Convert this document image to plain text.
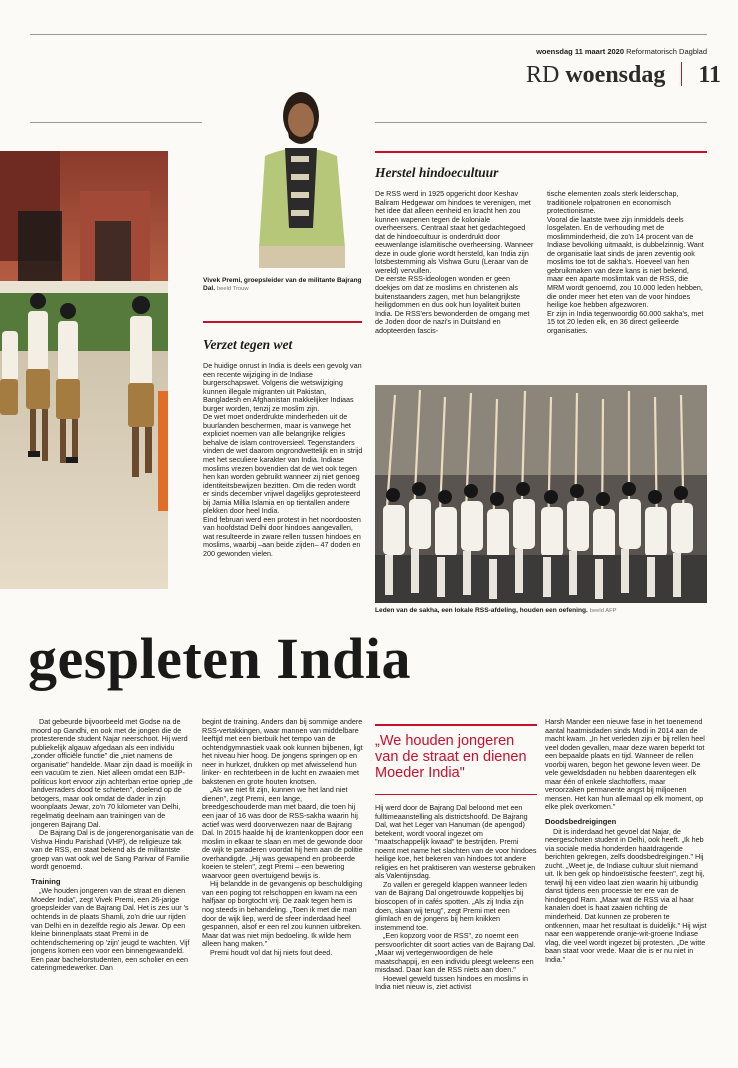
woensdag 11 maart 2020 Reformatorisch Dagblad
RD woensdag 11
Vivek Premi, groepsleider van de militante Bajrang Dal. beeld Trouw
Verzet tegen wet

De huidige onrust in India is deels een gevolg van een recente wijziging in de Indiase burgerschapswet. Volgens die wetswijziging kunnen illegale migranten uit Pakistan, Bangladesh en Afghanistan makkelijker Indiaas burger worden, tenzij ze moslim zijn.

De wet moet onderdrukte minderheden uit de buurlanden beschermen, maar is vanwege het expliciet noemen van alle belangrijke religies behalve de islam controversieel. Tegenstanders vinden de wet daarom ongrondwettelijk en in strijd met het seculiere karakter van India. Indiase moslims vrezen bovendien dat de wet ook tegen hen kan worden gebruikt wanneer zij niet genoeg identiteitsbewijzen bezitten. Om die reden wordt er sinds december vrijwel dagelijks geprotesteerd bij Jamia Millia Islamia en op tientallen andere plekken door heel India.

Eind februari werd een protest in het noordoosten van hoofdstad Delhi door hindoes aangevallen, wat resulteerde in zware rellen tussen hindoes en moslims, waarbij –aan beide zijden– 47 doden en 200 gewonden vielen.

Herstel hindoecultuur

De RSS werd in 1925 opgericht door Keshav Baliram Hedgewar om hindoes te verenigen, met het idee dat alleen eenheid en kracht hen zou kunnen wapenen tegen de koloniale overheersers. Centraal staat het gedachtegoed dat de hindoecultuur is onderdrukt door eeuwenlange islamitische overheersing. Wanneer deze in oude glorie wordt hersteld, kan India zijn lotsbestemming als Vishwa Guru (Leraar van de wereld) vervullen.

De eerste RSS-ideologen wonden er geen doekjes om dat ze moslims en christenen als buitenstaanders zagen, met hun belangrijkste heiligdommen en dus ook hun loyaliteit buiten India. De RSS'ers bewonderden de omgang met de Joden door de nazi's in Duitsland en adopteerden fascis-

tische elementen zoals sterk leiderschap, traditionele rolpatronen en economisch protectionisme.

Vooral die laatste twee zijn inmiddels deels losgelaten. En de verhouding met de moslimminderheid, die zo'n 14 procent van de Indiase bevolking uitmaakt, is dubbelzinnig. Want de organisatie laat sinds de jaren zeventig ook moslims toe tot de sakha's. Hoeveel van hen gebruikmaken van deze kans is niet bekend, maar een aparte moslimtak van de RSS, die MRM wordt genoemd, zou 10.000 leden hebben, die onder meer het eten van de voor hindoes heilige koe hebben afgezworen.

Er zijn in India tegenwoordig 60.000 sakha's, met 15 tot 20 leden elk, en 36 direct gelieerde organisaties.

Leden van de sakha, een lokale RSS-afdeling, houden een oefening. beeld AFP
gespleten India

Dat gebeurde bijvoorbeeld met Godse na de moord op Gandhi, en ook met de jongen die de protesterende student Najar neerschoot. Hij werd publiekelijk algauw afgedaan als een individu „zonder officiële functie" die „niet namens de organisatie" handelde. Maar zijn daad is moeilijk in een vacuüm te zien. Niet alleen omdat een BJP-politicus kort ervoor zijn achterban ertoe opriep „de landverraders dood te schieten", doelend op de betogers, maar ook omdat de dader in zijn woonplaats Jewar, zo'n 70 kilometer van Delhi, regelmatig deelnam aan trainingen van de jongeren Bajrang Dal.

De Bajrang Dal is de jongerenorganisatie van de Vishva Hindu Parishad (VHP), de religieuze tak van de RSS, en staat bekend als de militantste groep van wat ook wel de Sang Parivar of Familie wordt genoemd.

Training

„We houden jongeren van de straat en dienen Moeder India", zegt Vivek Premi, een 26-jarige groepsleider van de Bajrang Dal. Het is zes uur 's ochtends in de plaats Shamli, zo'n drie uur rijden van Delhi en in dezelfde regio als Jewar. Op een kleine binnenplaats staat Premi in de ochtendschemering op 'zijn' jeugd te wachten. Vijf jongens komen een voor een binnengewandeld. Een paar bachelorstudenten, een scholier en een cateringmedewerker. Dan

begint de training. Anders dan bij sommige andere RSS-vertakkingen, waar mannen van middelbare leeftijd met een bierbuik het tempo van de ochtendgymnastiek vaak ook kunnen bijbenen, ligt het niveau hier hoog. De jongens springen op en neer in hurkzet, drukken op met afwisselend hun linker- en rechterbeen in de lucht en zwaaien met bakstenen en grote houten knotsen.

„Als we niet fit zijn, kunnen we het land niet dienen", zegt Premi, een lange, breedgeschouderde man met baard, die toen hij een jaar of 16 was door de RSS-sakha waarin hij actief was werd doorverwezen naar de Bajrang Dal. In 2015 haalde hij de krantenkoppen door een moslim in elkaar te slaan en met de gewonde door de wijk te paraderen voordat hij hem aan de politie overhandigde. „Hij was gewapend en probeerde koeien te stelen", zegt Premi – een bewering waarvoor geen overtuigend bewijs is.

Hij belandde in de gevangenis op beschuldiging van een poging tot relschoppen en kwam na een halfjaar op borgtocht vrij. De zaak tegen hem is nog steeds in behandeling. „Toen ik met die man door de wijk liep, werd de sfeer inderdaad heel gespannen, alsof er een rel zou kunnen uitbreken. Maar dat was niet mijn bedoeling. Ik wilde hem alleen hang maken."

Premi houdt vol dat hij niets fout deed.

„We houden jongeren van de straat en dienen Moeder India"

Hij werd door de Bajrang Dal beloond met een fulltimeaanstelling als districtshoofd. De Bajrang Dal, wat het Leger van Hanuman (de apengod) betekent, wordt vooral ingezet om "maatschappelijk kwaad" te bestrijden. Premi noemt met name het slachten van de voor hindoes heilige koe, het bekeren van hindoes tot andere religies en het praktiseren van westerse gebruiken als Valentijnsdag.

Zo vallen er geregeld klappen wanneer leden van de Bajrang Dal ongetrouwde koppeltjes bij bioscopen of in cafés spotten. „Als zij India zijn doen, slaan wij terug", zegt Premi met een glimlach en de jongens bij hem knikken instemmend toe.

„Een kopzorg voor de RSS", zo noemt een persvoorlichter dit soort acties van de Bajrang Dal. „Maar wij vertegenwoordigen de hele maatschappij, en een individu pleegt weleens een misdaad. Daar kan de RSS niets aan doen."

Hoewel geweld tussen hindoes en moslims in India niet nieuw is, ziet activist

Harsh Mander een nieuwe fase in het toenemend aantal haatmisdaden sinds Modi in 2014 aan de macht kwam. „In het verleden zijn er bij rellen heel veel doden gevallen, maar deze waren beperkt tot een bepaalde plaats en tijd. Wanneer de rellen voorbij waren, begon het gewone leven weer. De vele geweldsdaden nu hebben daarentegen elk maar één of enkele slachtoffers, maar veroorzaken permanente angst bij miljoenen mensen. Het kan hun allemaal op elk moment, op elke plek overkomen."

Doodsbedreigingen

Dit is inderdaad het gevoel dat Najar, de neergeschoten student in Delhi, ook heeft. „Ik heb via sociale media honderden haatdragende berichten gekregen, zelfs doodsbedreigingen." Hij zucht. „Weet je, de Indiase cultuur sluit niemand uit. Ik ben gek op hindoeïstische feesten", zegt hij, terwijl hij een video laat zien waarin hij uitbundig danst tijdens een processie ter ere van de hindoegod Ram. „Maar wat de RSS via al haar kanalen doet is haat zaaien richting de minderheid. Dat kunnen ze proberen te ontkennen, maar het resultaat is duidelijk." Hij wijst naar een wapperende oranje-wit-groene Indiase vlag, die veel wordt ingezet bij protesten. „De witte baan staat voor vrede. Maar die is er nu niet in India."
